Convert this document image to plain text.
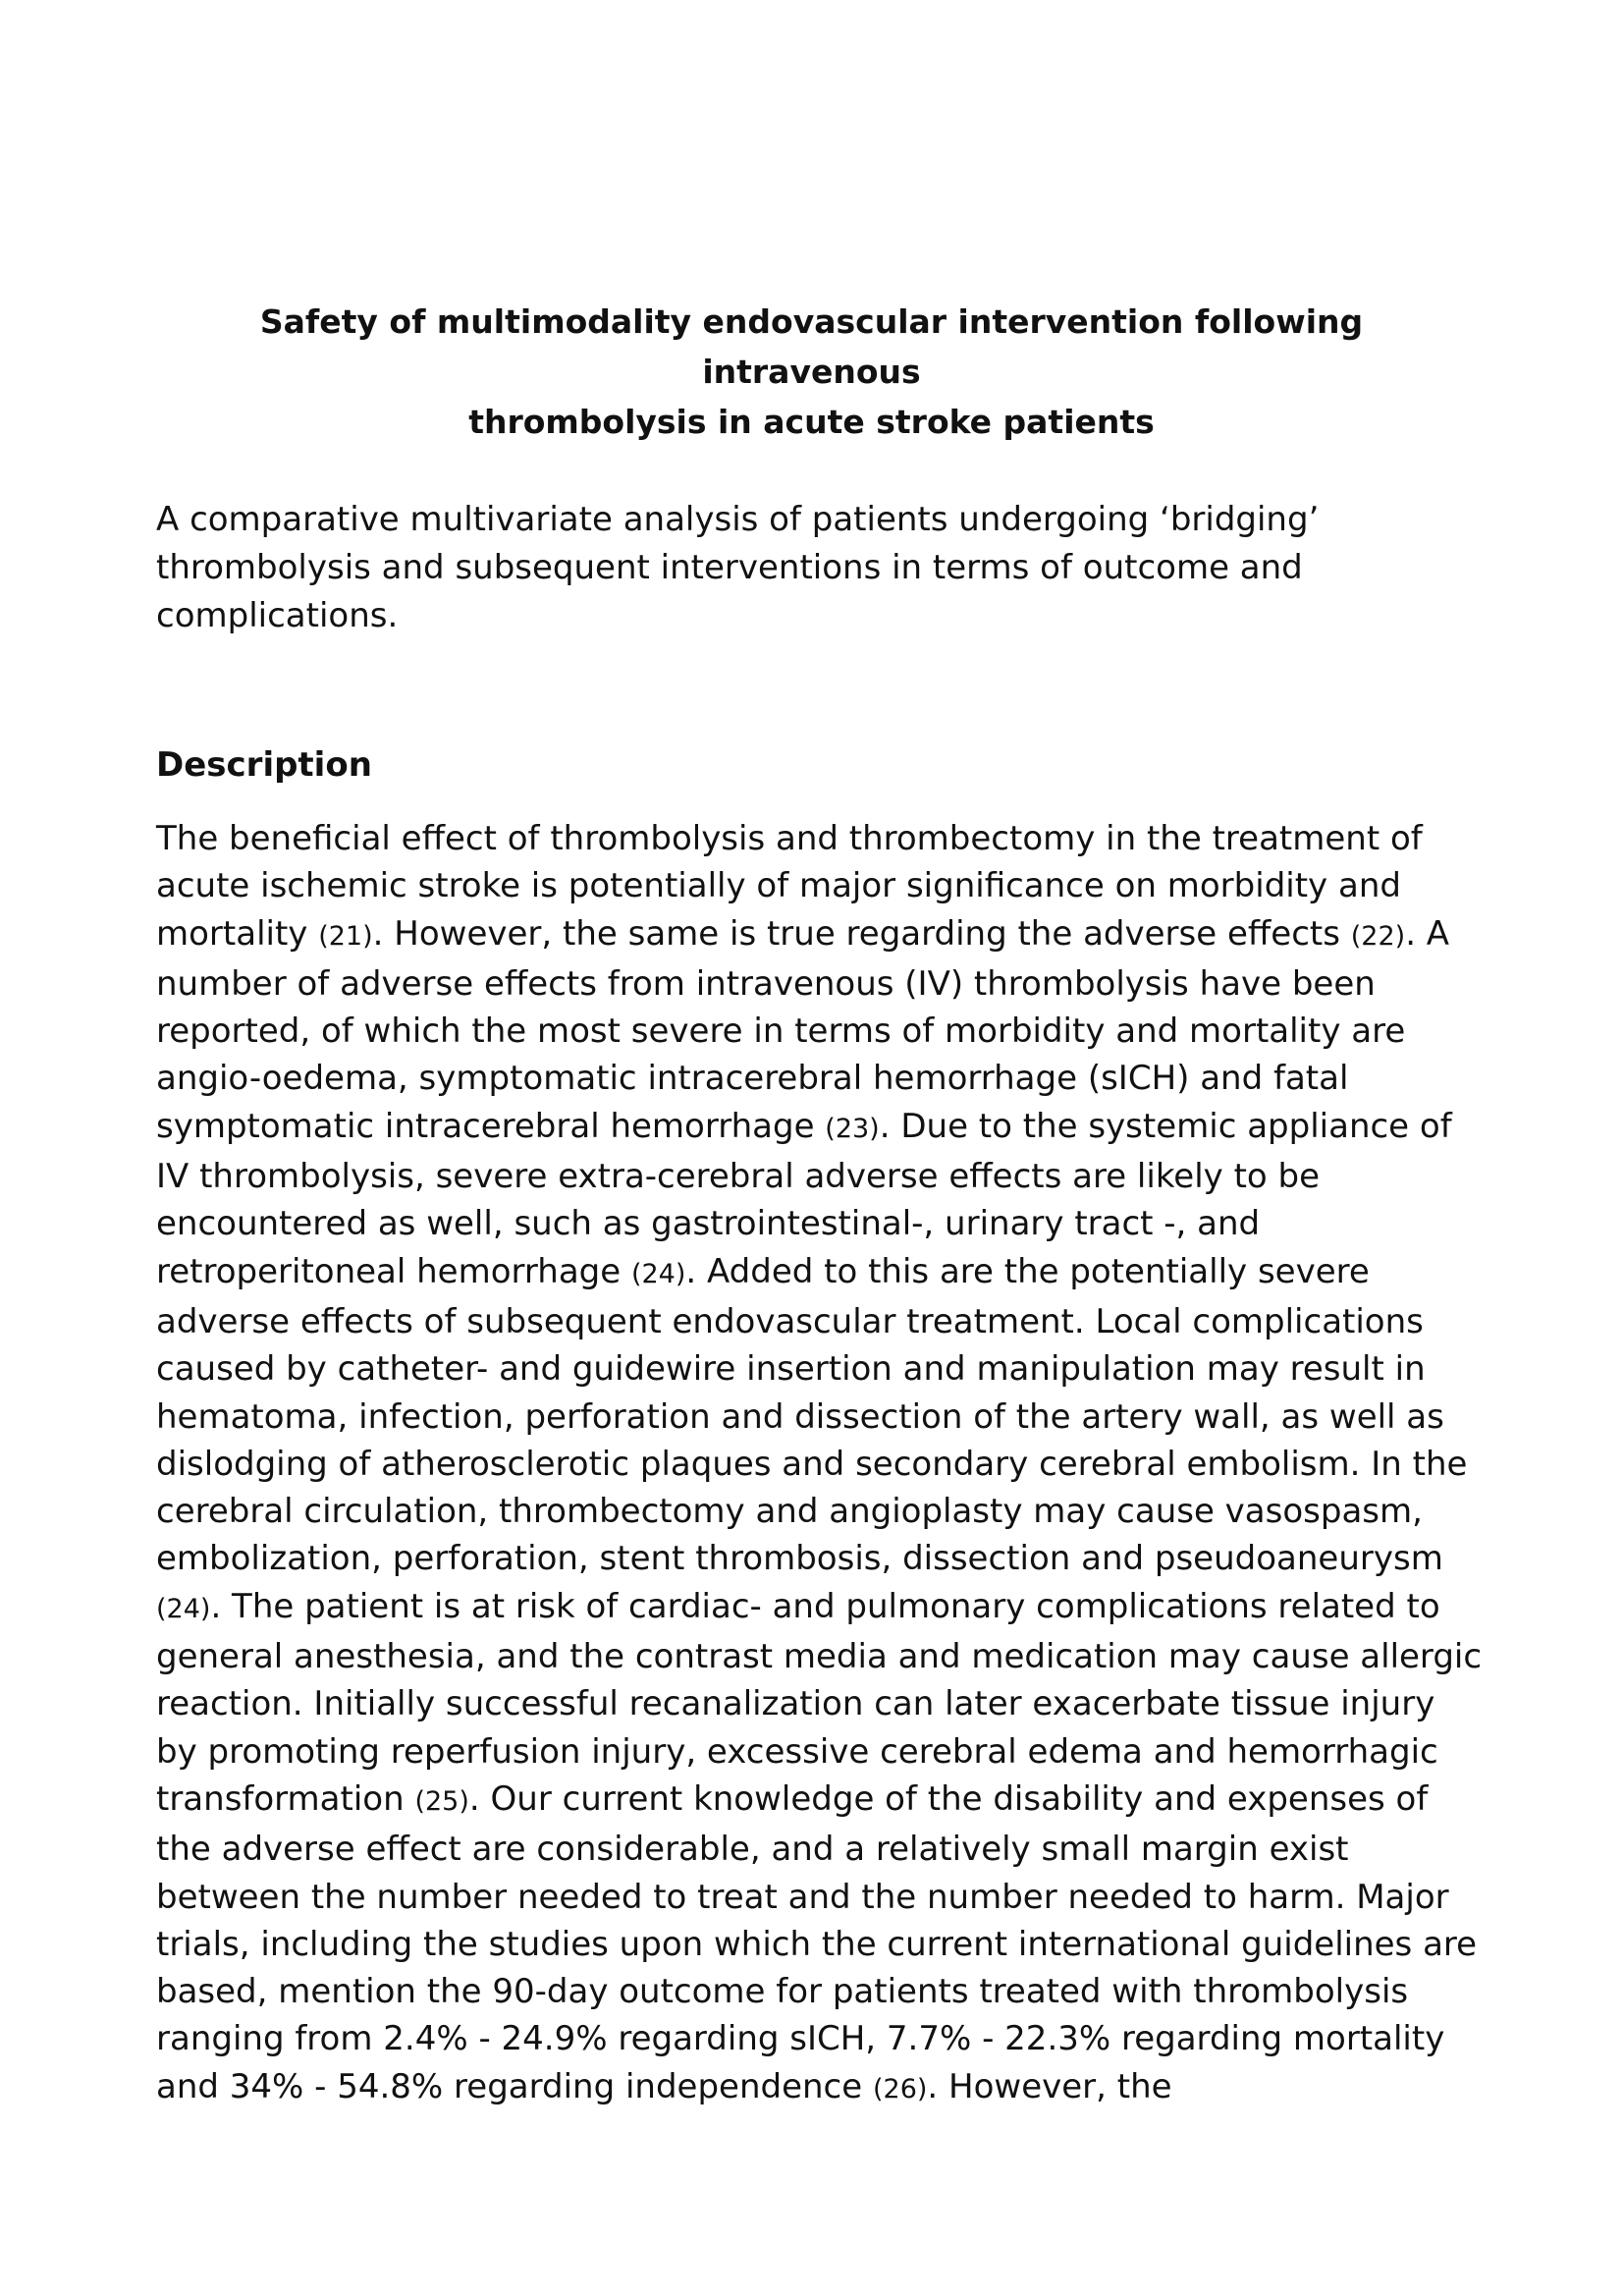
Safety of multimodality endovascular intervention following intravenous
thrombolysis in acute stroke patients

A comparative multivariate analysis of patients undergoing ‘bridging’
thrombolysis and subsequent interventions in terms of outcome and
complications.

Description

The beneficial effect of thrombolysis and thrombectomy in the treatment of acute ischemic stroke is potentially of major significance on morbidity and mortality (21). However, the same is true regarding the adverse effects (22). A number of adverse effects from intravenous (IV) thrombolysis have been reported, of which the most severe in terms of morbidity and mortality are angio-oedema, symptomatic intracerebral hemorrhage (sICH) and fatal symptomatic intracerebral hemorrhage (23). Due to the systemic appliance of IV thrombolysis, severe extra-cerebral adverse effects are likely to be encountered as well, such as gastrointestinal-, urinary tract -, and retroperitoneal hemorrhage (24). Added to this are the potentially severe adverse effects of subsequent endovascular treatment. Local complications caused by catheter- and guidewire insertion and manipulation may result in hematoma, infection, perforation and dissection of the artery wall, as well as dislodging of atherosclerotic plaques and secondary cerebral embolism. In the cerebral circulation, thrombectomy and angioplasty may cause vasospasm, embolization, perforation, stent thrombosis, dissection and pseudoaneurysm (24). The patient is at risk of cardiac- and pulmonary complications related to general anesthesia, and the contrast media and medication may cause allergic reaction. Initially successful recanalization can later exacerbate tissue injury by promoting reperfusion injury, excessive cerebral edema and hemorrhagic transformation (25). Our current knowledge of the disability and expenses of the adverse effect are considerable, and a relatively small margin exist between the number needed to treat and the number needed to harm. Major trials, including the studies upon which the current international guidelines are based, mention the 90-day outcome for patients treated with thrombolysis ranging from 2.4% - 24.9% regarding sICH, 7.7% - 22.3% regarding mortality and 34% - 54.8% regarding independence (26). However, the
